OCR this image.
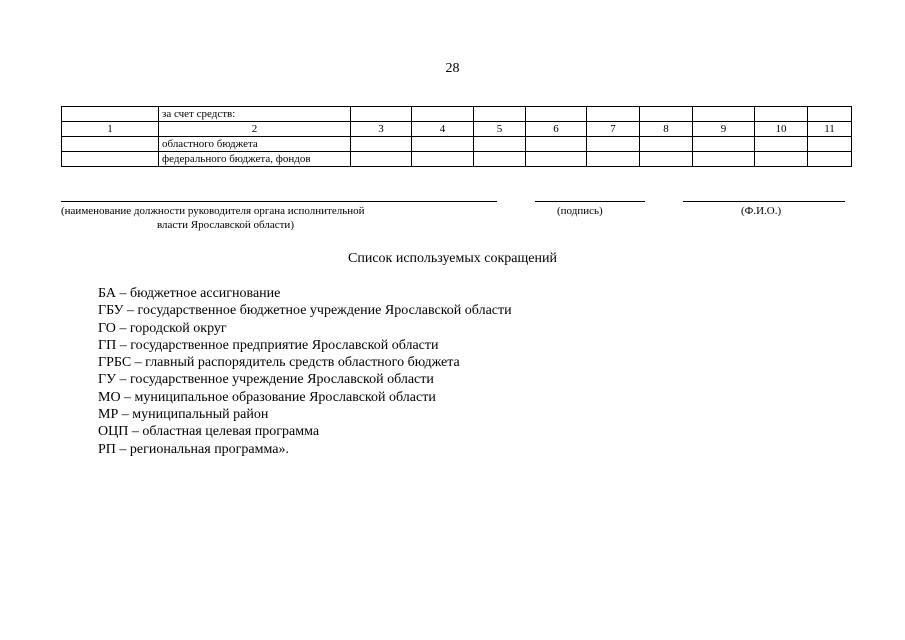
28
	за счет средств:									
1	2	3	4	5	6	7	8	9	10	11
	областного бюджета									
	федерального бюджета, фондов									
(наименование должности руководителя органа исполнительной
власти Ярославской области)
(подпись)	(Ф.И.О.)
Список используемых сокращений
БА – бюджетное ассигнование
ГБУ – государственное бюджетное учреждение Ярославской области
ГО – городской округ
ГП – государственное предприятие Ярославской области
ГРБС – главный распорядитель средств областного бюджета
ГУ – государственное учреждение Ярославской области
МО – муниципальное образование Ярославской области
МР – муниципальный район
ОЦП – областная целевая программа
РП – региональная программа».
